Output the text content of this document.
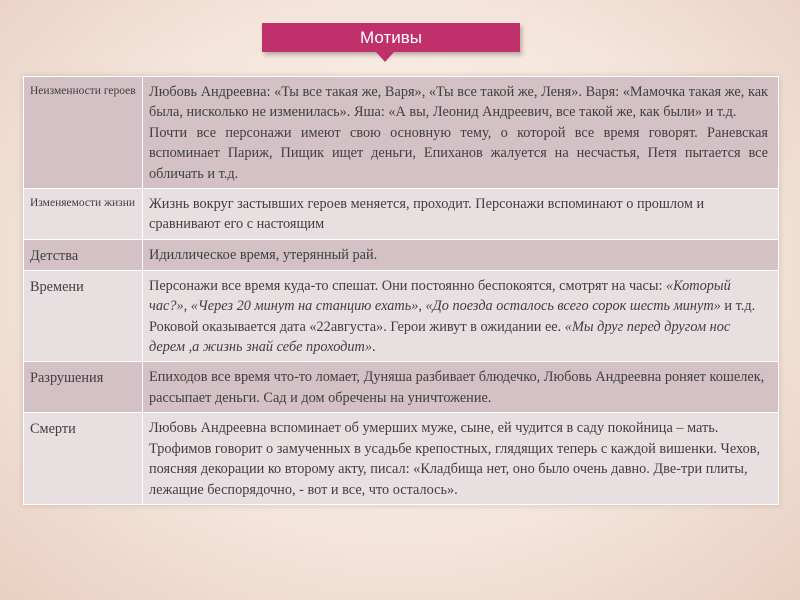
Мотивы
Неизменности героев	Любовь Андреевна: «Ты все такая же, Варя», «Ты все такой же, Леня». Варя: «Мамочка такая же, как была, нисколько не изменилась». Яша: «А вы, Леонид Андреевич, все такой же, как были» и т.д.

Почти все персонажи имеют свою основную тему, о которой все время говорят. Раневская вспоминает Париж, Пищик ищет деньги, Епиханов жалуется на несчастья, Петя пытается все обличать и т.д.

Изменяемости жизни	Жизнь вокруг застывших героев меняется, проходит. Персонажи вспоминают о прошлом и сравнивают его с настоящим
Детства	Идиллическое время, утерянный рай.
Времени	Персонажи все время куда-то спешат. Они постоянно беспокоятся, смотрят на часы: «Который час?», «Через 20 минут на станцию ехать», «До поезда осталось всего сорок шесть минут» и т.д. Роковой оказывается дата «22августа». Герои живут в ожидании ее. «Мы друг перед другом нос дерем ,а жизнь знай себе проходит».
Разрушения	Епиходов все время что-то ломает, Дуняша разбивает блюдечко, Любовь Андреевна роняет кошелек, рассыпает деньги. Сад и дом обречены на уничтожение.
Смерти	Любовь Андреевна вспоминает об умерших муже, сыне, ей чудится в саду покойница – мать. Трофимов говорит о замученных в усадьбе крепостных, глядящих теперь с каждой вишенки. Чехов, поясняя декорации ко второму акту, писал: «Кладбища нет, оно было очень давно. Две-три плиты, лежащие беспорядочно, - вот и все, что осталось».
